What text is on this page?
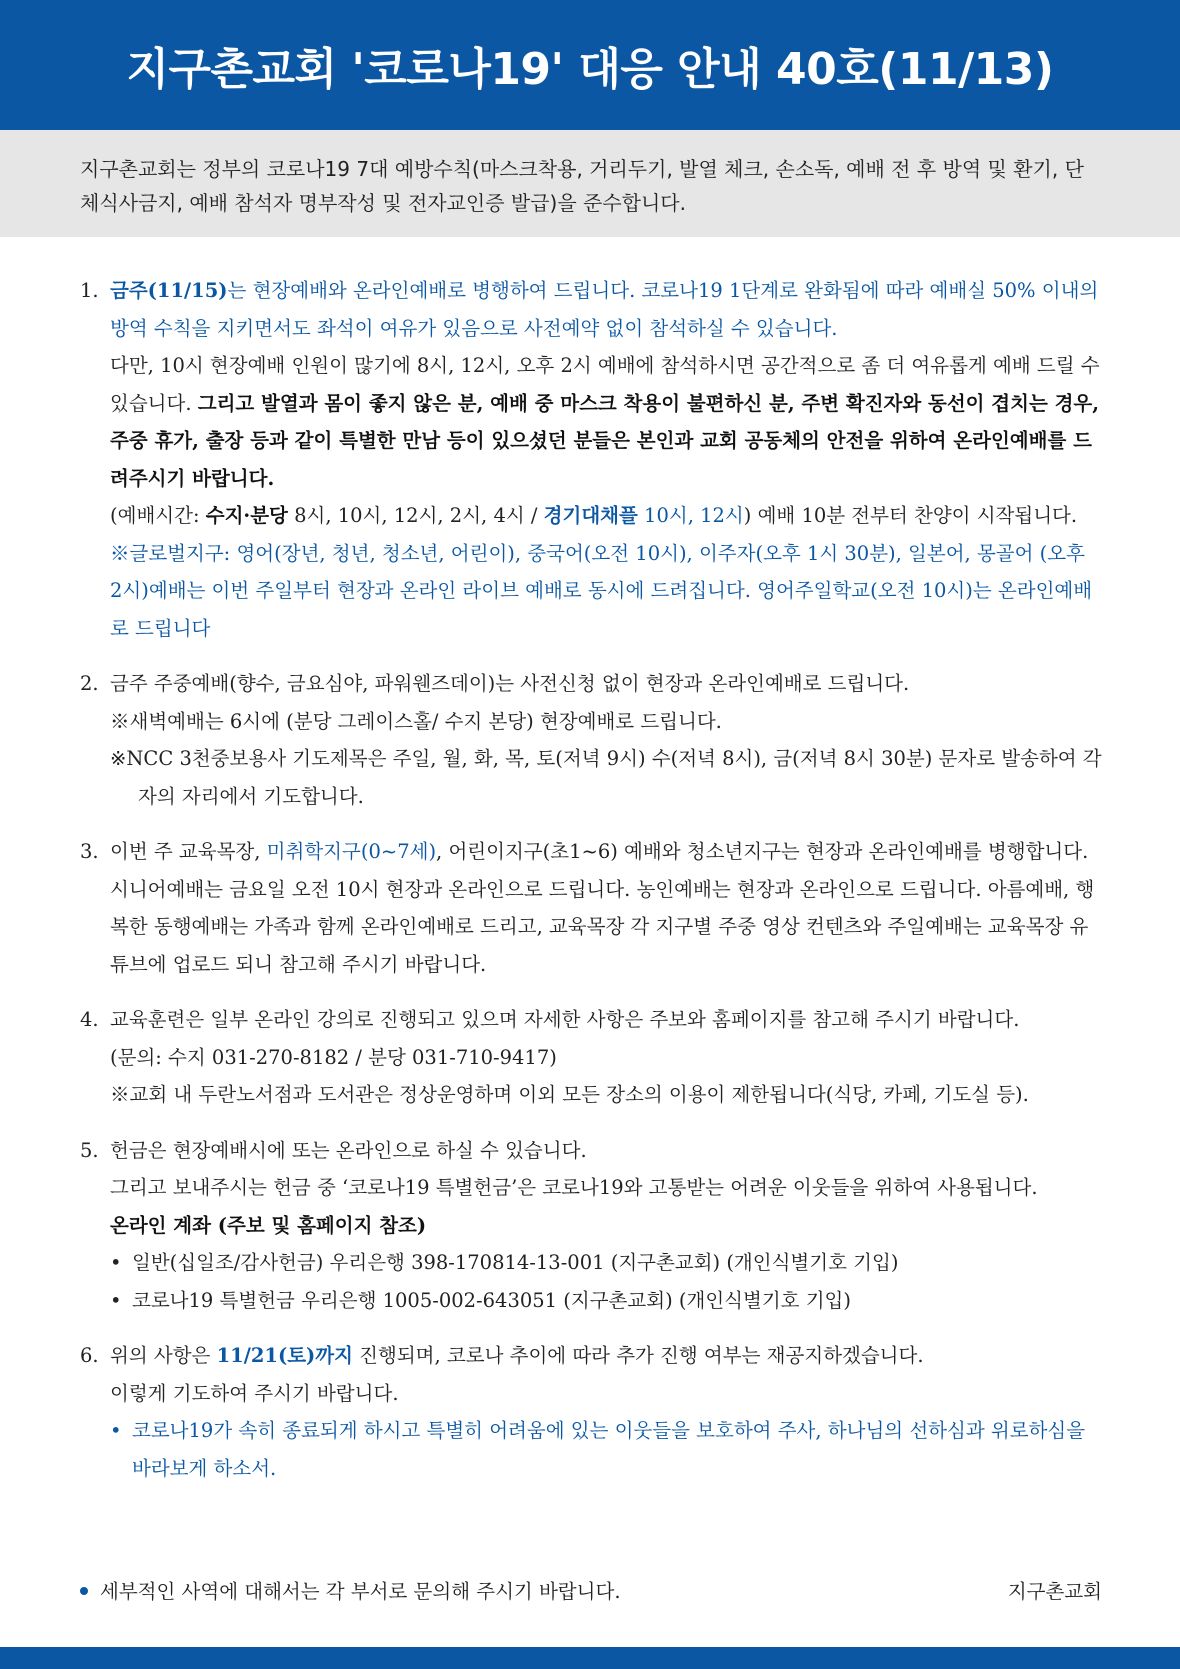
지구촌교회 '코로나19' 대응 안내 40호(11/13)

지구촌교회는 정부의 코로나19 7대 예방수칙(마스크착용, 거리두기, 발열 체크, 손소독, 예배 전 후 방역 및 환기, 단체식사금지, 예배 참석자 명부작성 및 전자교인증 발급)을 준수합니다.

1. 금주(11/15)는 현장예배와 온라인예배로 병행하여 드립니다. 코로나19 1단계로 완화됨에 따라 예배실 50% 이내의 방역 수칙을 지키면서도 좌석이 여유가 있음으로 사전예약 없이 참석하실 수 있습니다.
다만, 10시 현장예배 인원이 많기에 8시, 12시, 오후 2시 예배에 참석하시면 공간적으로 좀 더 여유롭게 예배 드릴 수 있습니다. 그리고 발열과 몸이 좋지 않은 분, 예배 중 마스크 착용이 불편하신 분, 주변 확진자와 동선이 겹치는 경우, 주중 휴가, 출장 등과 같이 특별한 만남 등이 있으셨던 분들은 본인과 교회 공동체의 안전을 위하여 온라인예배를 드려주시기 바랍니다.
(예배시간: 수지·분당 8시, 10시, 12시, 2시, 4시 / 경기대채플 10시, 12시) 예배 10분 전부터 찬양이 시작됩니다.
※글로벌지구: 영어(장년, 청년, 청소년, 어린이), 중국어(오전 10시), 이주자(오후 1시 30분), 일본어, 몽골어 (오후 2시)예배는 이번 주일부터 현장과 온라인 라이브 예배로 동시에 드려집니다. 영어주일학교(오전 10시)는 온라인예배로 드립니다
2. 금주 주중예배(향수, 금요심야, 파워웬즈데이)는 사전신청 없이 현장과 온라인예배로 드립니다.
※새벽예배는 6시에 (분당 그레이스홀/ 수지 본당) 현장예배로 드립니다.
※NCC 3천중보용사 기도제목은 주일, 월, 화, 목, 토(저녁 9시) 수(저녁 8시), 금(저녁 8시 30분) 문자로 발송하여 각자의 자리에서 기도합니다.
3. 이번 주 교육목장, 미취학지구(0~7세), 어린이지구(초1~6) 예배와 청소년지구는 현장과 온라인예배를 병행합니다. 시니어예배는 금요일 오전 10시 현장과 온라인으로 드립니다. 농인예배는 현장과 온라인으로 드립니다. 아름예배, 행복한 동행예배는 가족과 함께 온라인예배로 드리고, 교육목장 각 지구별 주중 영상 컨텐츠와 주일예배는 교육목장 유튜브에 업로드 되니 참고해 주시기 바랍니다.
4. 교육훈련은 일부 온라인 강의로 진행되고 있으며 자세한 사항은 주보와 홈페이지를 참고해 주시기 바랍니다.
(문의: 수지 031-270-8182 / 분당 031-710-9417)
※교회 내 두란노서점과 도서관은 정상운영하며 이외 모든 장소의 이용이 제한됩니다(식당, 카페, 기도실 등).
5. 헌금은 현장예배시에 또는 온라인으로 하실 수 있습니다.
그리고 보내주시는 헌금 중 ‘코로나19 특별헌금’은 코로나19와 고통받는 어려운 이웃들을 위하여 사용됩니다.
온라인 계좌 (주보 및 홈페이지 참조)
• 일반(십일조/감사헌금) 우리은행 398-170814-13-001 (지구촌교회) (개인식별기호 기입)
• 코로나19 특별헌금 우리은행 1005-002-643051 (지구촌교회) (개인식별기호 기입)
6. 위의 사항은 11/21(토)까지 진행되며, 코로나 추이에 따라 추가 진행 여부는 재공지하겠습니다.
이렇게 기도하여 주시기 바랍니다.
• 코로나19가 속히 종료되게 하시고 특별히 어려움에 있는 이웃들을 보호하여 주사, 하나님의 선하심과 위로하심을 바라보게 하소서.
세부적인 사역에 대해서는 각 부서로 문의해 주시기 바랍니다.	지구촌교회
